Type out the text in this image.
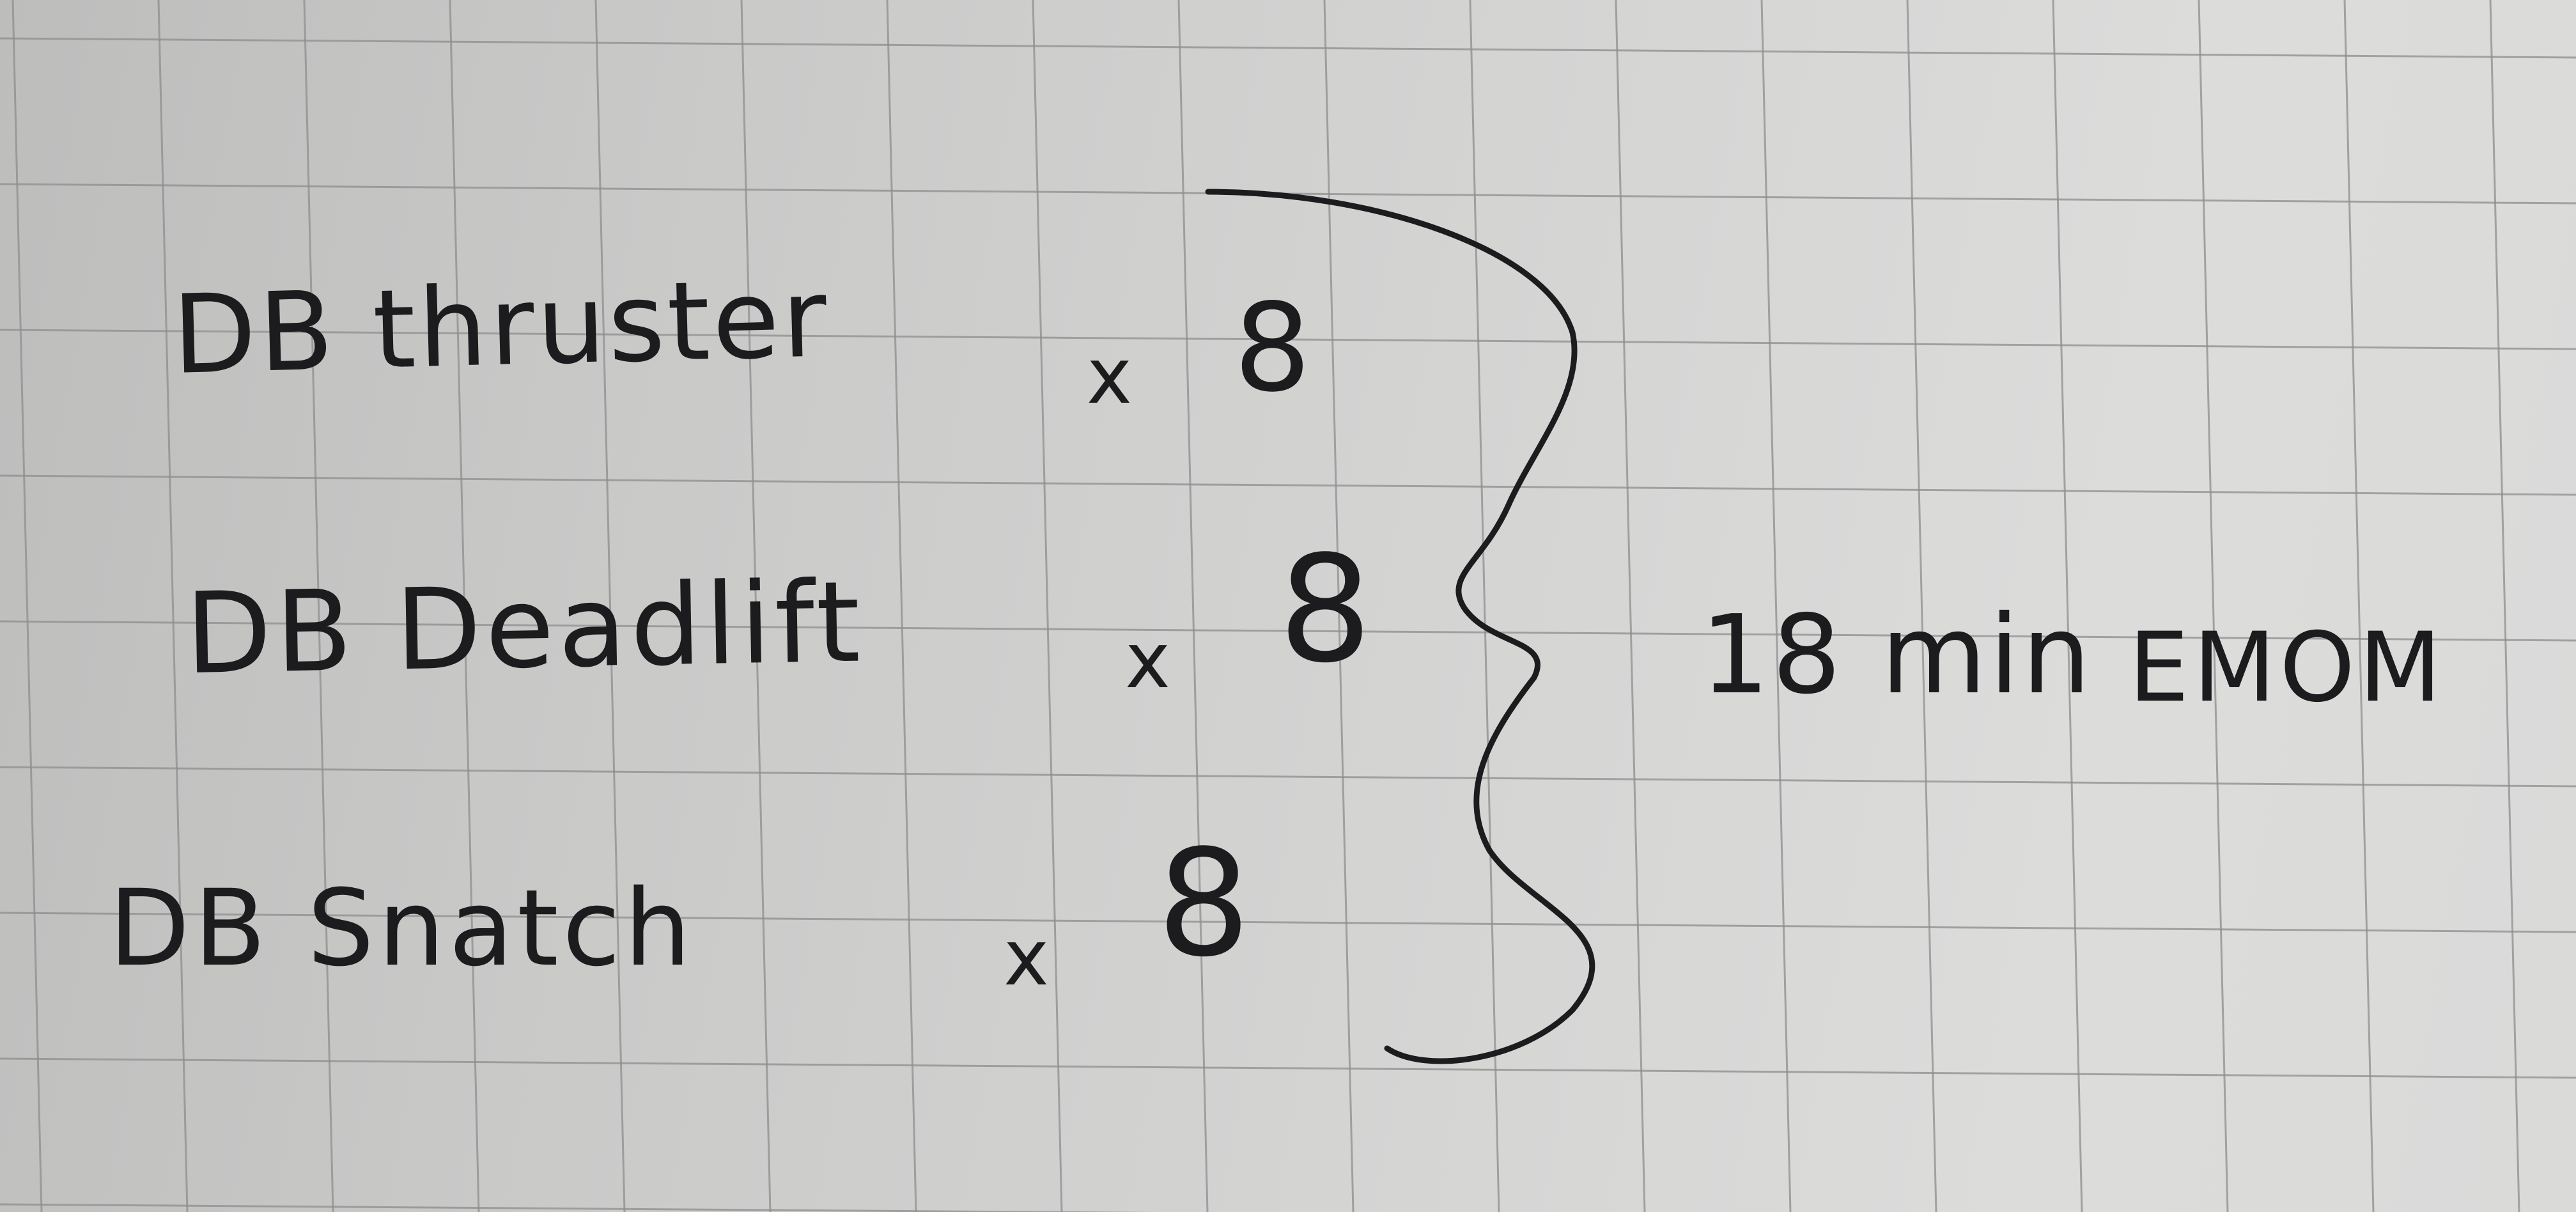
DB thruster	x 8
DB Deadlift	x 8
DB Snatch	x 8
18 min EMOM
